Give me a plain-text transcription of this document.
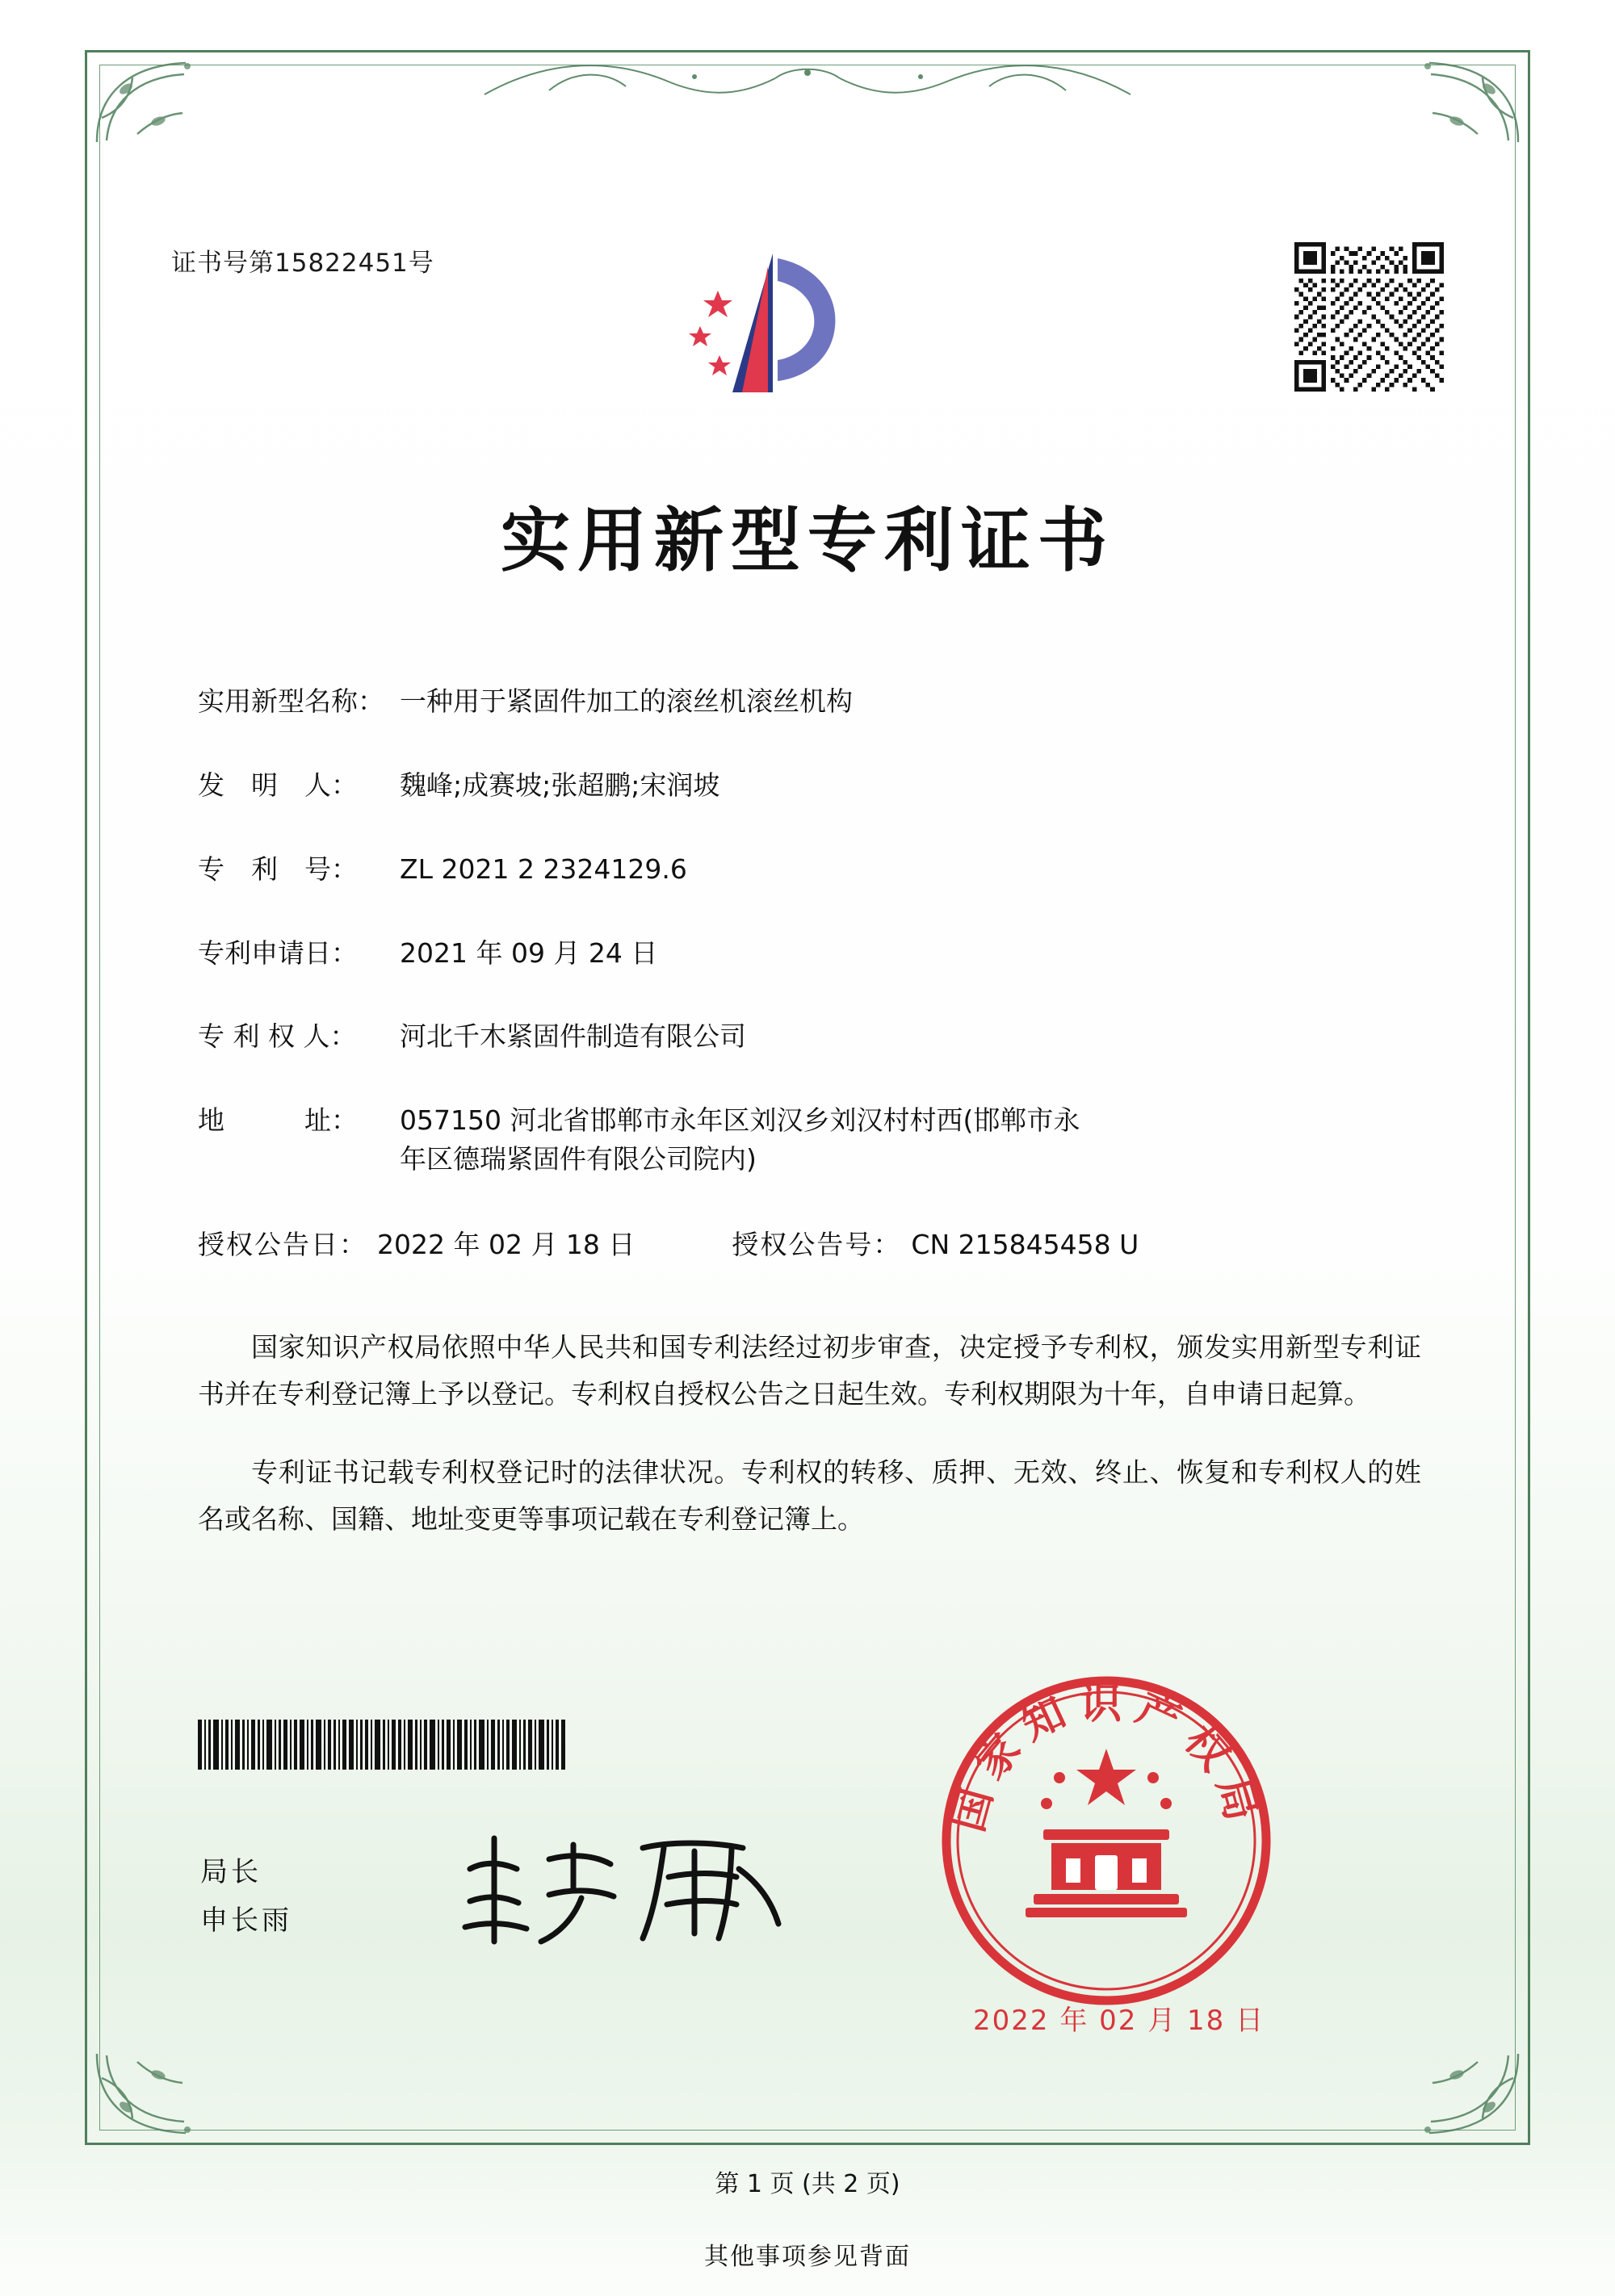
证书号第15822451号
实用新型专利证书
实用新型名称： 一种用于紧固件加工的滚丝机滚丝机构
发　明　人：	魏峰;成赛坡;张超鹏;宋润坡
专　利　号：	ZL 2021 2 2324129.6
专利申请日：	2021 年 09 月 24 日
专 利 权 人：	河北千木紧固件制造有限公司
地　　　址：	057150 河北省邯郸市永年区刘汉乡刘汉村村西(邯郸市永
年区德瑞紧固件有限公司院内)
授权公告日： 2022 年 02 月 18 日	授权公告号： CN 215845458 U

国家知识产权局依照中华人民共和国专利法经过初步审查，决定授予专利权，颁发实用新型专利证书并在专利登记簿上予以登记。专利权自授权公告之日起生效。专利权期限为十年，自申请日起算。

专利证书记载专利权登记时的法律状况。专利权的转移、质押、无效、终止、恢复和专利权人的姓名或名称、国籍、地址变更等事项记载在专利登记簿上。

局长
申长雨
国家知识产权局
2022 年 02 月 18 日
第 1 页 (共 2 页)
其他事项参见背面
